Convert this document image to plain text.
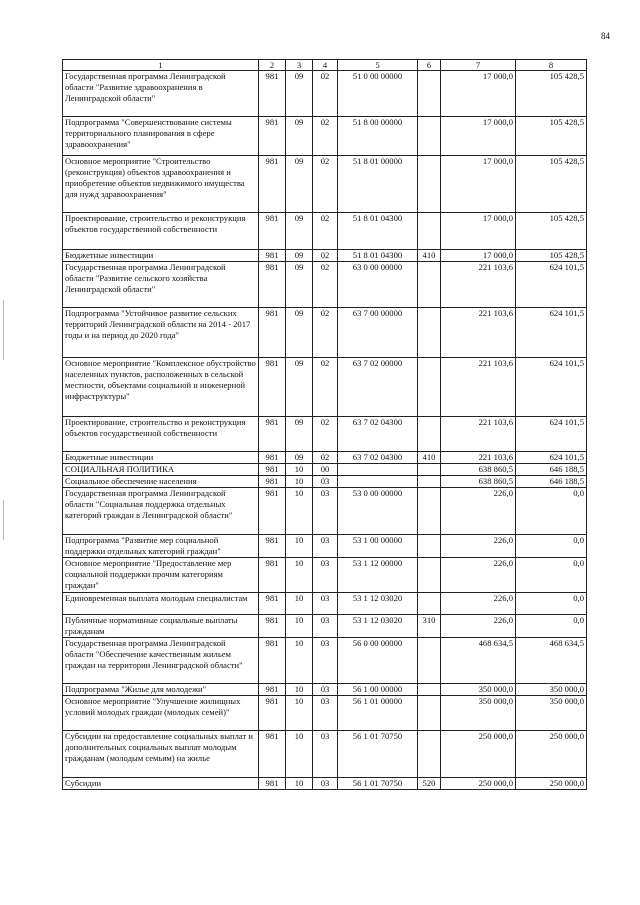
84
1	2	3	4	5	6	7	8
Государственная программа Ленинградской области "Развитие здравоохранения в Ленинградской области"	981	09	02	51 0 00 00000		17 000,0	105 428,5
Подпрограмма "Совершенствование системы территориального планирования в сфере здравоохранения"	981	09	02	51 8 00 00000		17 000,0	105 428,5
Основное мероприятие "Строительство (реконструкция) объектов здравоохранения и приобретение объектов недвижимого имущества для нужд здравоохранения"	981	09	02	51 8 01 00000		17 000,0	105 428,5
Проектирование, строительство и реконструкция объектов государственной собственности	981	09	02	51 8 01 04300		17 000,0	105 428,5
Бюджетные инвестиции	981	09	02	51 8 01 04300	410	17 000,0	105 428,5
Государственная программа Ленинградской области "Развитие сельского хозяйства Ленинградской области"	981	09	02	63 0 00 00000		221 103,6	624 101,5
Подпрограмма "Устойчивое развитие сельских территорий Ленинградской области на 2014 - 2017 годы и на период до 2020 года"	981	09	02	63 7 00 00000		221 103,6	624 101,5
Основное мероприятие "Комплексное обустройство населенных пунктов, расположенных в сельской местности, объектами социальной и инженерной инфраструктуры"	981	09	02	63 7 02 00000		221 103,6	624 101,5
Проектирование, строительство и реконструкция объектов государственной собственности	981	09	02	63 7 02 04300		221 103,6	624 101,5
Бюджетные инвестиции	981	09	02	63 7 02 04300	410	221 103,6	624 101,5
СОЦИАЛЬНАЯ ПОЛИТИКА	981	10	00			638 860,5	646 188,5
Социальное обеспечение населения	981	10	03			638 860,5	646 188,5
Государственная программа Ленинградской области "Социальная поддержка отдельных категорий граждан в Ленинградской области"	981	10	03	53 0 00 00000		226,0	0,0
Подпрограмма "Развитие мер социальной поддержки отдельных категорий граждан"	981	10	03	53 1 00 00000		226,0	0,0
Основное мероприятие "Предоставление мер социальной поддержки прочим категориям граждан"	981	10	03	53 1 12 00000		226,0	0,0
Единовременная выплата молодым специалистам	981	10	03	53 1 12 03020		226,0	0,0
Публичные нормативные социальные выплаты гражданам	981	10	03	53 1 12 03020	310	226,0	0,0
Государственная программа Ленинградской области "Обеспечение качественным жильем граждан на территории Ленинградской области"	981	10	03	56 0 00 00000		468 634,5	468 634,5
Подпрограмма "Жилье для молодежи"	981	10	03	56 1 00 00000		350 000,0	350 000,0
Основное мероприятие "Улучшение жилищных условий молодых граждан (молодых семей)"	981	10	03	56 1 01 00000		350 000,0	350 000,0
Субсидии на предоставление социальных выплат и дополнительных социальных выплат молодым гражданам (молодым семьям) на жилье	981	10	03	56 1 01 70750		250 000,0	250 000,0
Субсидии	981	10	03	56 1 01 70750	520	250 000,0	250 000,0
